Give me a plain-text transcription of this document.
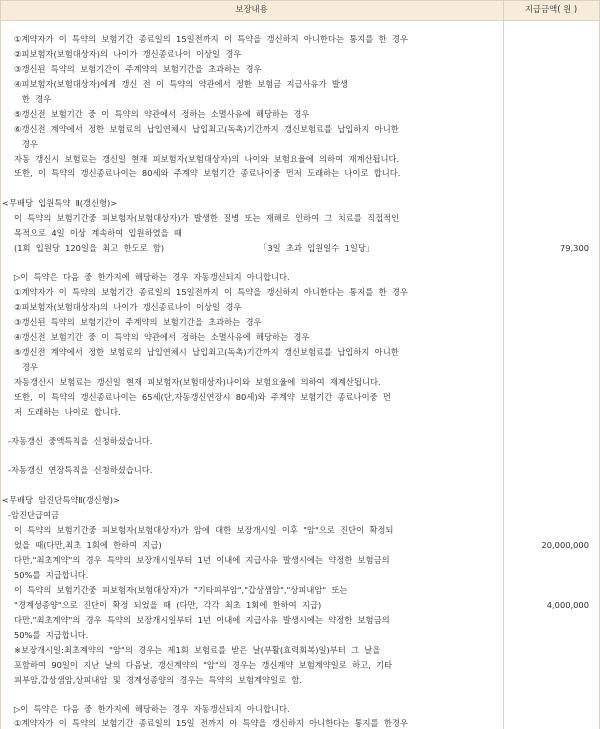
보장내용	지급금액( 원 )
①계약자가  이  특약의  보험기간  종료일의  15일전까지  이  특약을  갱신하지  아니한다는  통지를  한  경우
②피보험자(보험대상자)의  나이가  갱신종료나이  이상일  경우
③갱신된  특약의  보험기간이  주계약의  보험기간을  초과하는  경우
④피보험자(보험대상자)에게  갱신  전  이  특약의  약관에서  정한  보험금  지급사유가  발생
한  경우
⑤갱신전  보험기간  중  이  특약의  약관에서  정하는  소멸사유에  해당하는  경우
⑥갱신전  계약에서  정한  보험료의  납입연체시  납입최고(독촉)기간까지  갱신보험료를  납입하지  아니한
경우
자동  갱신시  보험료는  갱신일  현재  피보험자(보험대상자)의  나이와  보험요율에  의하여  재계산됩니다.
또한,  이  특약의  갱신종료나이는  80세와  주계약  보험기간  종료나이중  먼저  도래하는  나이로  합니다.
<무배당  입원특약  Ⅱ(갱신형)>
이  특약의  보험기간중  피보험자(보험대상자)가  발생한  질병  또는  재해로  인하여  그  치료를  직접적인
목적으로  4일  이상  계속하여  입원하였을  때
(1회  입원당  120일을  최고  한도로  함)                                    「3일  초과  입원일수  1일당」	79,300
▷이  특약은  다음  중  한가지에  해당하는  경우  자동갱신되지  아니합니다.
①계약자가  이  특약의  보험기간  종료일의  15일전까지  이  특약을  갱신하지  아니한다는  통지를  한  경우
②피보험자(보험대상자)의  나이가  갱신종료나이  이상일  경우
③갱신된  특약의  보험기간이  주계약의  보험기간을  초과하는  경우
④갱신전  보험기간  중  이  특약의  약관에서  정하는  소멸사유에  해당하는  경우
⑤갱신전  계약에서  정한  보험료의  납입연체시  납입최고(독촉)기간까지  갱신보험료를  납입하지  아니한
경우
자동갱신시  보험료는  갱신일  현재  피보험자(보험대상자)나이와  보험요율에  의하여  재계산됩니다.
또한,  이  특약의  갱신종료나이는  65세(단,자동갱신연장시  80세)와  주계약  보험기간  종료나이중  먼
저  도래하는  나이로  합니다.
-자동갱신  중액특칙을  신청하셨습니다.
-자동갱신  연장특칙을  신청하셨습니다.
<무배당  암진단특약Ⅱ(갱신형)>
-암진단급여금
이  특약의  보험기간중  피보험자(보험대상자)가  암에  대한  보장개시일  이후  "암"으로  진단이  확정되
었을  때(다만,최초  1회에  한하여  지급)	20,000,000
다만,"최초계약"의  경우  특약의  보장개시일부터  1년  이내에  지급사유  발생시에는  약정한  보험금의
50%를  지급합니다.
이  특약의  보험기간중  피보험자(보험대상자)가  "기타피부암","갑상샘암","상피내암"  또는
"경계성종양"으로  진단이  확정  되었을  때  (다만,  각각  최초  1회에  한하여  지급)	4,000,000
다만,"최초계약"의  경우  특약의  보장개시일부터  1년  이내에  지급사유  발생시에는  약정한  보험금의
50%를  지급합니다.
※보장개시일:최초계약의  "암"의  경우는  제1회  보험료를  받은  날(부활(효력회복)일)부터  그  날을
포함하여  90일이  지난  날의  다음날,  갱신계약의  "암"의  경우는  갱신계약  보험계약일로  하고,  기타
피부암,갑상샘암,상피내암  및  경계성종양의  경우는  특약의  보험계약일로  함.
▷이  특약은  다음  중  한가지에  해당하는  경우  자동갱신되지  아니합니다.
①계약자가  이  특약의  보험기간  종료일의  15일  전까지  이  특약을  갱신하지  아니한다는  통지를  한경우
